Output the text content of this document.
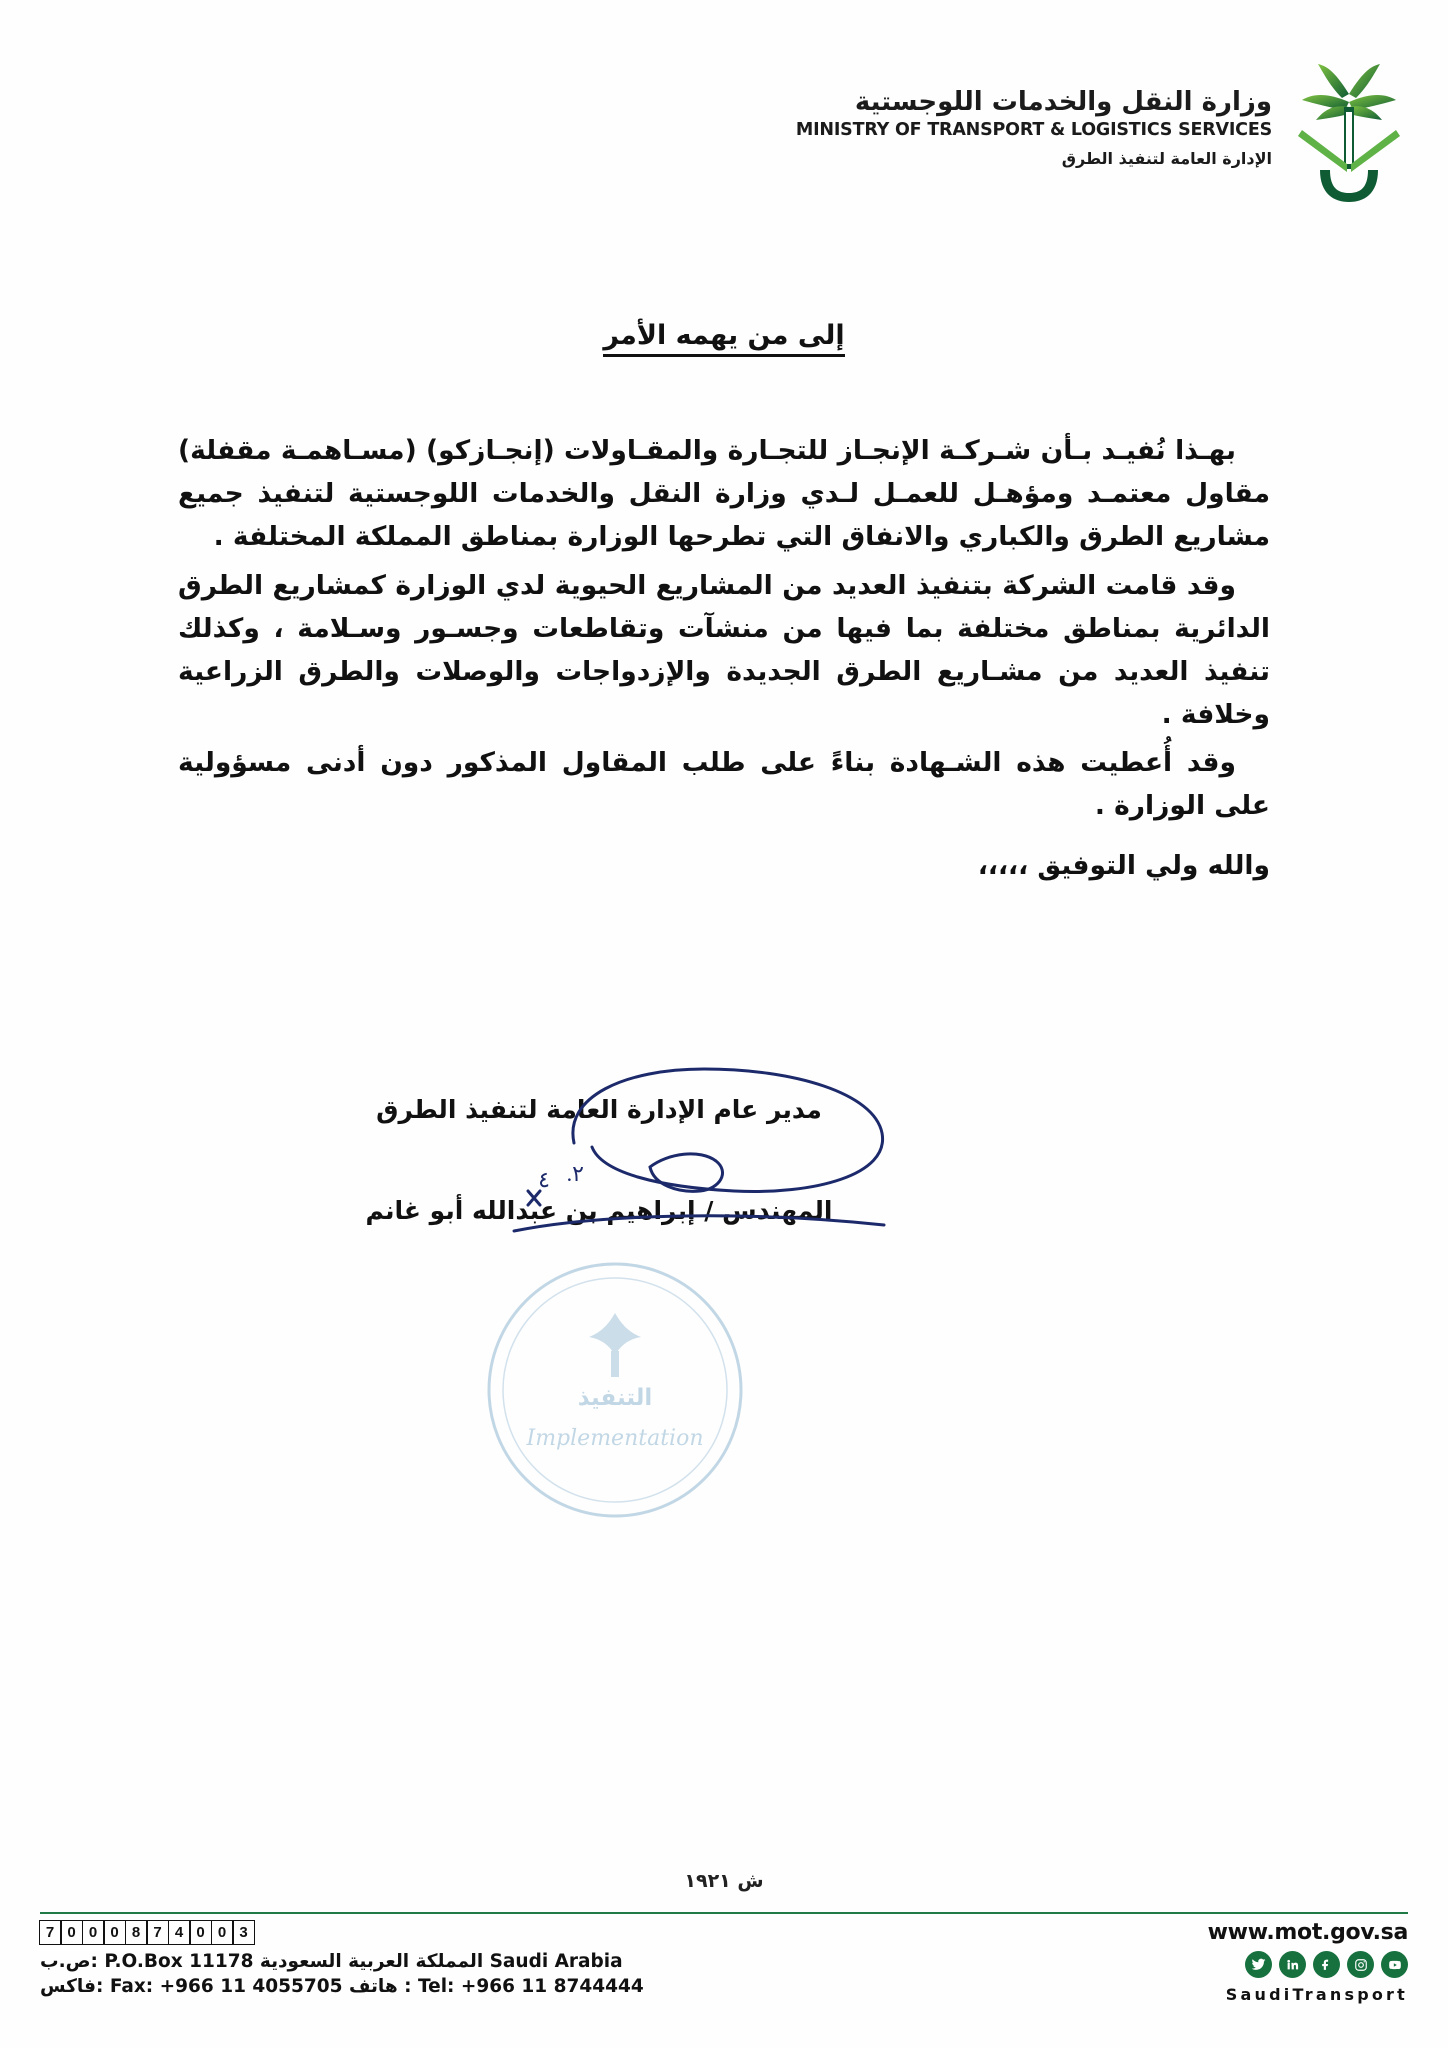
وزارة النقل والخدمات اللوجستية
MINISTRY OF TRANSPORT & LOGISTICS SERVICES
الإدارة العامة لتنفيذ الطرق
إلى من يهمه الأمر

بهـذا نُفيـد بـأن شـركـة الإنجـاز للتجـارة والمقـاولات (إنجـازكو) (مسـاهمـة مقفلة) مقاول معتمـد ومؤهـل للعمـل لـدي وزارة النقل والخدمات اللوجستية لتنفيذ جميع مشاريع الطرق والكباري والانفاق التي تطرحها الوزارة بمناطق المملكة المختلفة .

وقد قامت الشركة بتنفيذ العديد من المشاريع الحيوية لدي الوزارة كمشاريع الطرق الدائرية بمناطق مختلفة بما فيها من منشآت وتقاطعات وجسـور وسـلامة ، وكذلك تنفيذ العديد من مشـاريع الطرق الجديدة والإزدواجات والوصلات والطرق الزراعية وخلافة .

وقد أُعطيت هذه الشـهادة بناءً على طلب المقاول المذكور دون أدنى مسؤولية على الوزارة .

والله ولي التوفيق ،،،،،
مدير عام الإدارة العامة لتنفيذ الطرق
المهندس / إبراهيم بن عبدالله أبو غانم
٤ ٢.
التنفيذ
Implementation
ش ١٩٢١
7 0 0 0 8 7 4 0 0 3
ص.ب: P.O.Box 11178 المملكة العربية السعودية Saudi Arabia
فاكس: Fax: +966 11 4055705 هاتف : Tel: +966 11 8744444
www.mot.gov.sa
SaudiTransport
